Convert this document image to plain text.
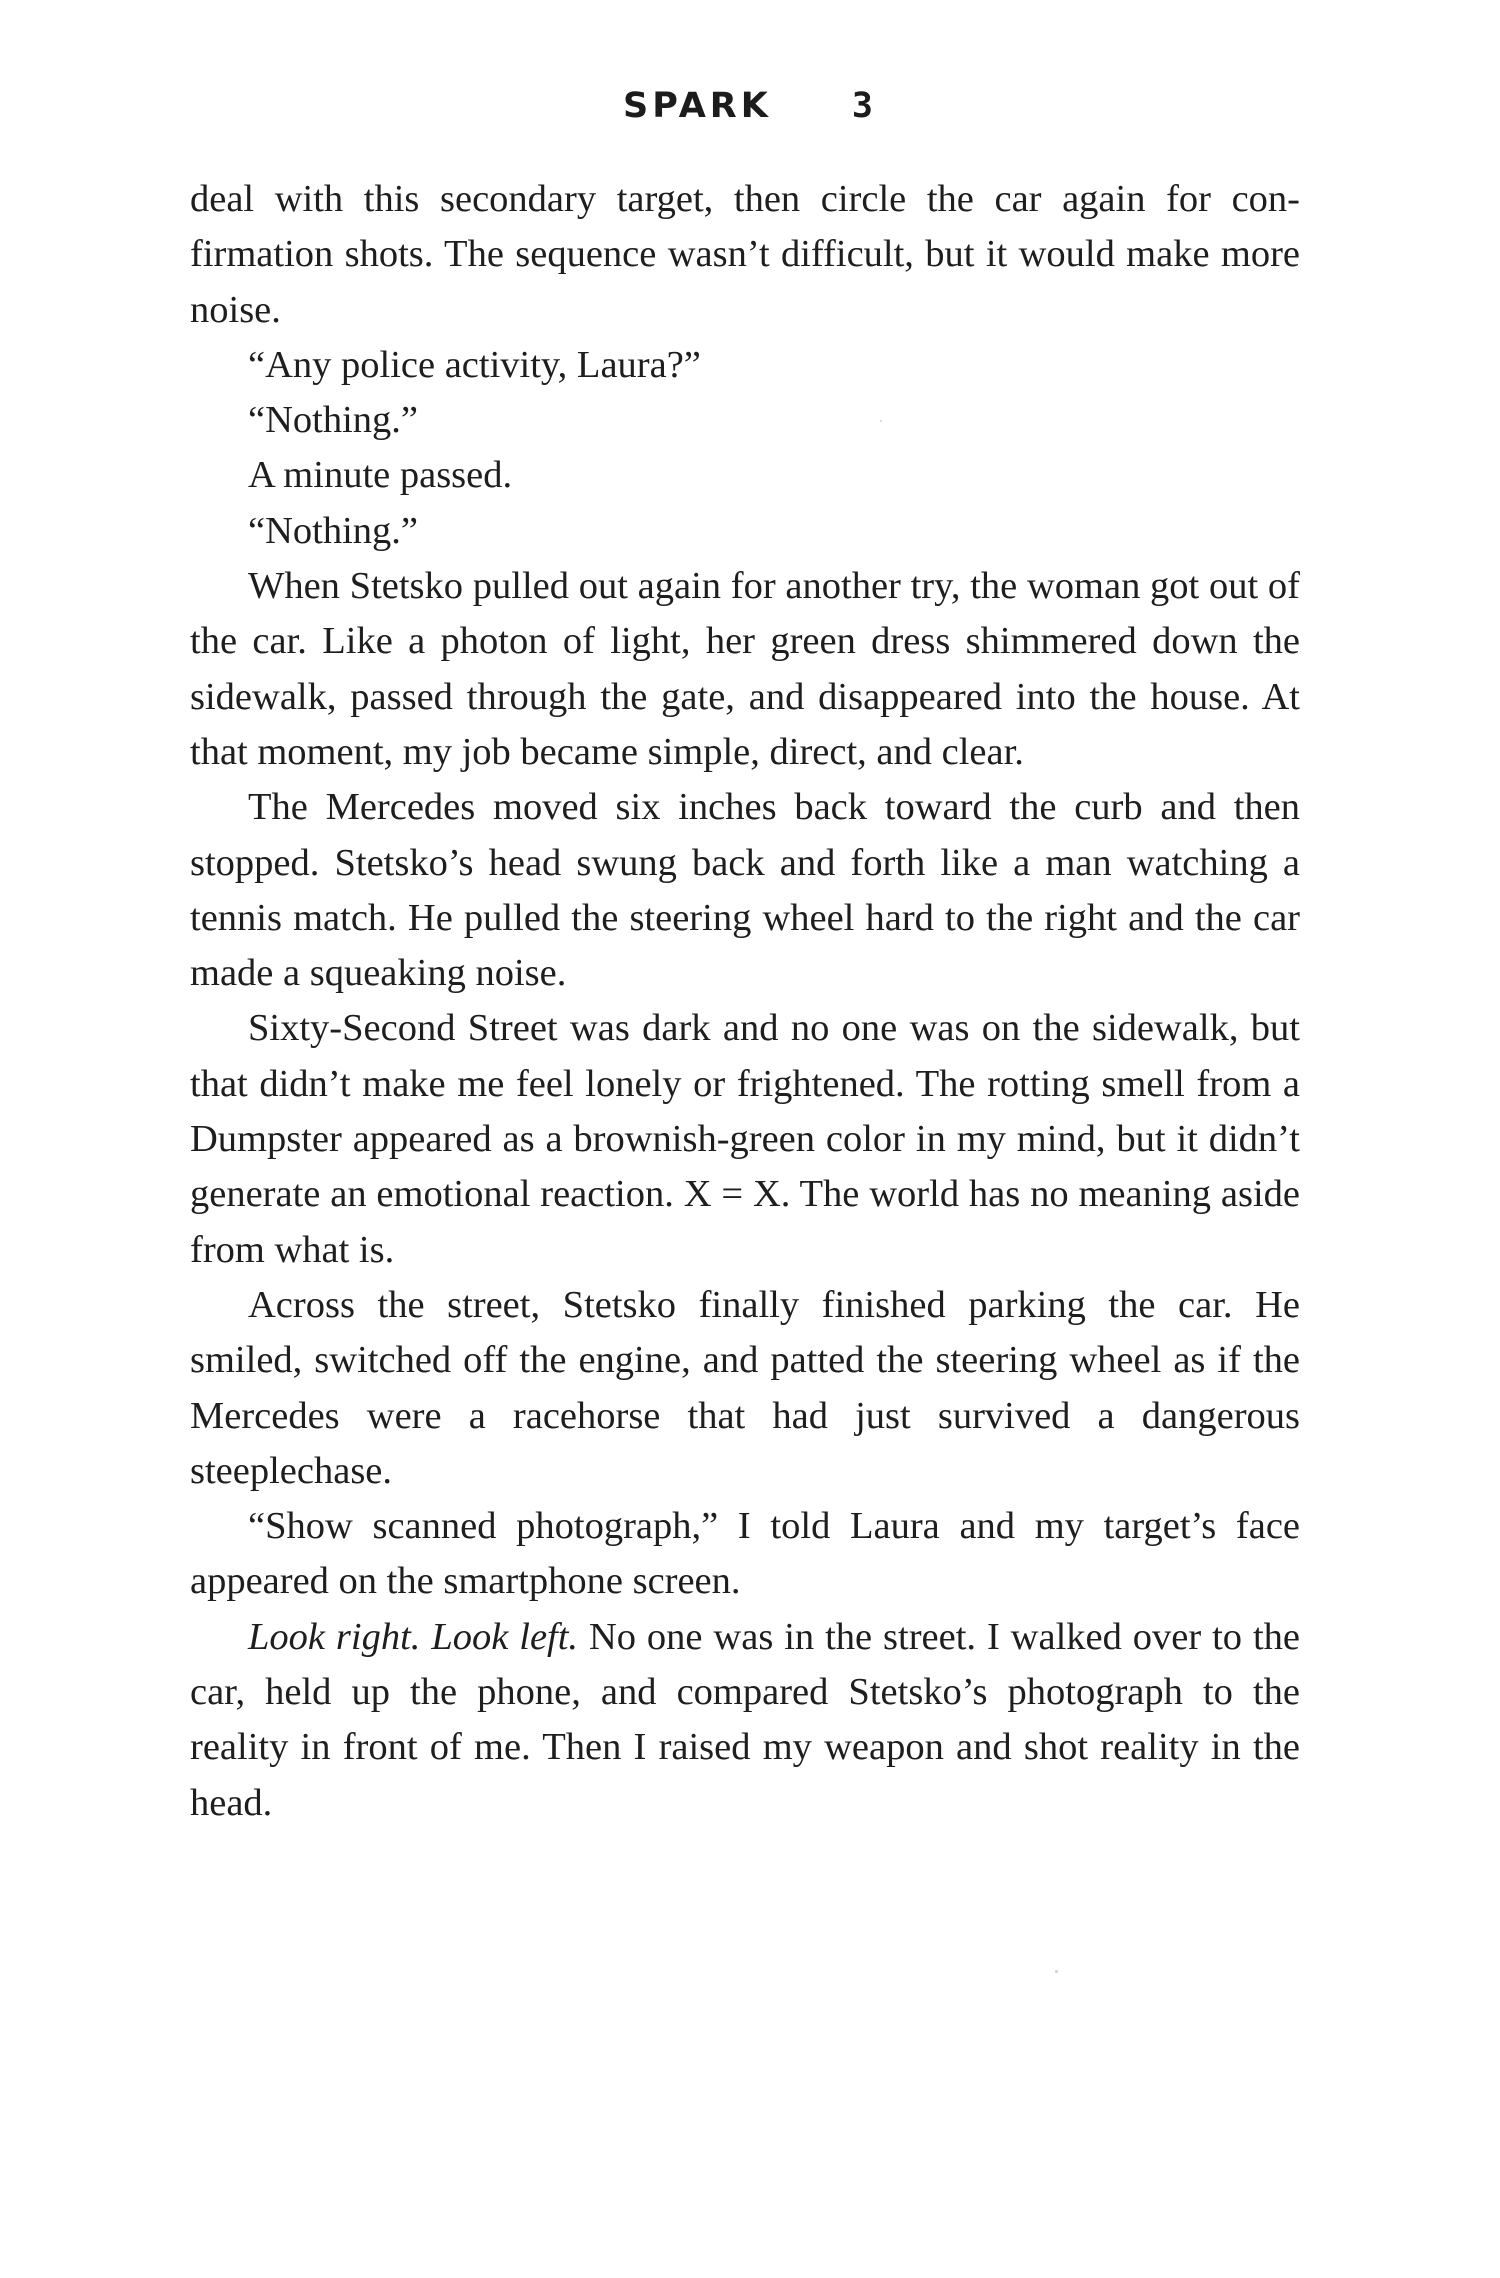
SPARK 3

deal with this secondary target, then circle the car again for confirmation shots. The sequence wasn’t difficult, but it would make more noise.

“Any police activity, Laura?”

“Nothing.”

A minute passed.

“Nothing.”

When Stetsko pulled out again for another try, the woman got out of the car. Like a photon of light, her green dress shimmered down the sidewalk, passed through the gate, and disappeared into the house. At that moment, my job became simple, direct, and clear.

The Mercedes moved six inches back toward the curb and then stopped. Stetsko’s head swung back and forth like a man watching a tennis match. He pulled the steering wheel hard to the right and the car made a squeaking noise.

Sixty-Second Street was dark and no one was on the sidewalk, but that didn’t make me feel lonely or frightened. The rotting smell from a Dumpster appeared as a brownish-green color in my mind, but it didn’t generate an emotional reaction. X = X. The world has no meaning aside from what is.

Across the street, Stetsko finally finished parking the car. He smiled, switched off the engine, and patted the steering wheel as if the Mercedes were a racehorse that had just survived a dangerous steeplechase.

“Show scanned photograph,” I told Laura and my target’s face appeared on the smartphone screen.

Look right. Look left. No one was in the street. I walked over to the car, held up the phone, and compared Stetsko’s photograph to the reality in front of me. Then I raised my weapon and shot reality in the head.
